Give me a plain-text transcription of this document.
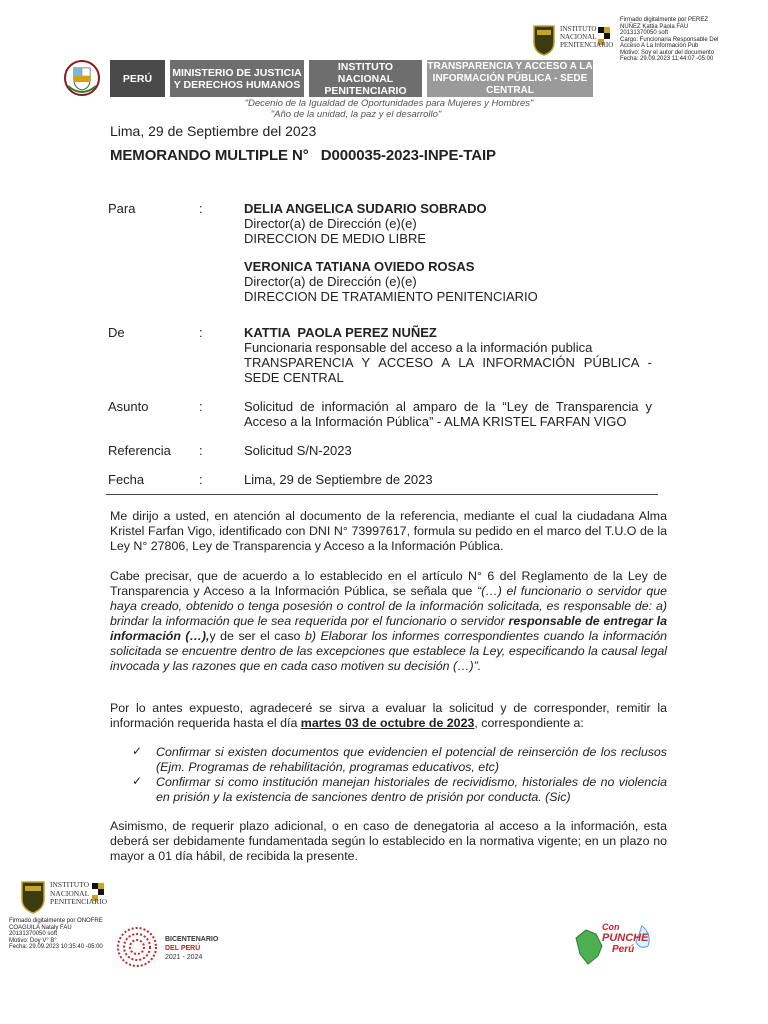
INSTITUTO
NACIONAL
PENITENCIARIO
Firmado digitalmente por PEREZ
NUÑEZ Kattia Paola FAU
20131370050 soft
Cargo: Funcionaria Responsable Del
Acceso A La Información Pub
Motivo: Soy el autor del documento
Fecha: 29.09.2023 11:44:07 -05:00
PERÚ MINISTERIO DE JUSTICIA Y DERECHOS HUMANOS
INSTITUTO NACIONAL PENITENCIARIO
TRANSPARENCIA Y ACCESO A LA INFORMACIÓN PÚBLICA - SEDE CENTRAL
"Decenio de la Igualdad de Oportunidades para Mujeres y Hombres"
"Año de la unidad, la paz y el desarrollo"
Lima, 29 de Septiembre del 2023
MEMORANDO MULTIPLE N°   D000035-2023-INPE-TAIP
Para	:	DELIA ANGELICA SUDARIO SOBRADO
Director(a) de Dirección (e)(e)
DIRECCION DE MEDIO LIBRE
VERONICA TATIANA OVIEDO ROSAS
Director(a) de Dirección (e)(e)
DIRECCION DE TRATAMIENTO PENITENCIARIO
De	:	KATTIA  PAOLA PEREZ NUÑEZ
Funcionaria responsable del acceso a la información publica
TRANSPARENCIA Y ACCESO A LA INFORMACIÓN PÚBLICA - SEDE CENTRAL
Asunto	:	Solicitud de información al amparo de la “Ley de Transparencia y Acceso a la Información Pública” - ALMA KRISTEL FARFAN VIGO
Referencia :	Solicitud S/N-2023
Fecha	:	Lima, 29 de Septiembre de 2023
Me dirijo a usted, en atención al documento de la referencia, mediante el cual la ciudadana Alma Kristel Farfan Vigo, identificado con DNI N° 73997617, formula su pedido en el marco del T.U.O de la Ley N° 27806, Ley de Transparencia y Acceso a la Información Pública.
Cabe precisar, que de acuerdo a lo establecido en el artículo N° 6 del Reglamento de la Ley de Transparencia y Acceso a la Información Pública, se señala que “(…) el funcionario o servidor que haya creado, obtenido o tenga posesión o control de la información solicitada, es responsable de: a) brindar la información que le sea requerida por el funcionario o servidor responsable de entregar la información (…),y de ser el caso b) Elaborar los informes correspondientes cuando la información solicitada se encuentre dentro de las excepciones que establece la Ley, especificando la causal legal invocada y las razones que en cada caso motiven su decisión (…)”.
Por lo antes expuesto, agradeceré se sirva a evaluar la solicitud y de corresponder, remitir la información requerida hasta el día martes 03 de octubre de 2023, correspondiente a:
✓ Confirmar si existen documentos que evidencien el potencial de reinserción de los reclusos (Ejm. Programas de rehabilitación, programas educativos, etc)
✓ Confirmar si como institución manejan historiales de recividismo, historiales de no violencia en prisión y la existencia de sanciones dentro de prisión por conducta. (Sic)
Asimismo, de requerir plazo adicional, o en caso de denegatoria al acceso a la información, esta deberá ser debidamente fundamentada según lo establecido en la normativa vigente; en un plazo no mayor a 01 día hábil, de recibida la presente.
INSTITUTO
NACIONAL
PENITENCIARIO
Firmado digitalmente por ONOFRE
COAGUILA Nataly FAU
20131370050 soft
Motivo: Doy V° B°
Fecha: 29.09.2023 10:35:40 -05:00
BICENTENARIO
DEL PERÚ
2021 - 2024
Con
PUNCHE
Perú
